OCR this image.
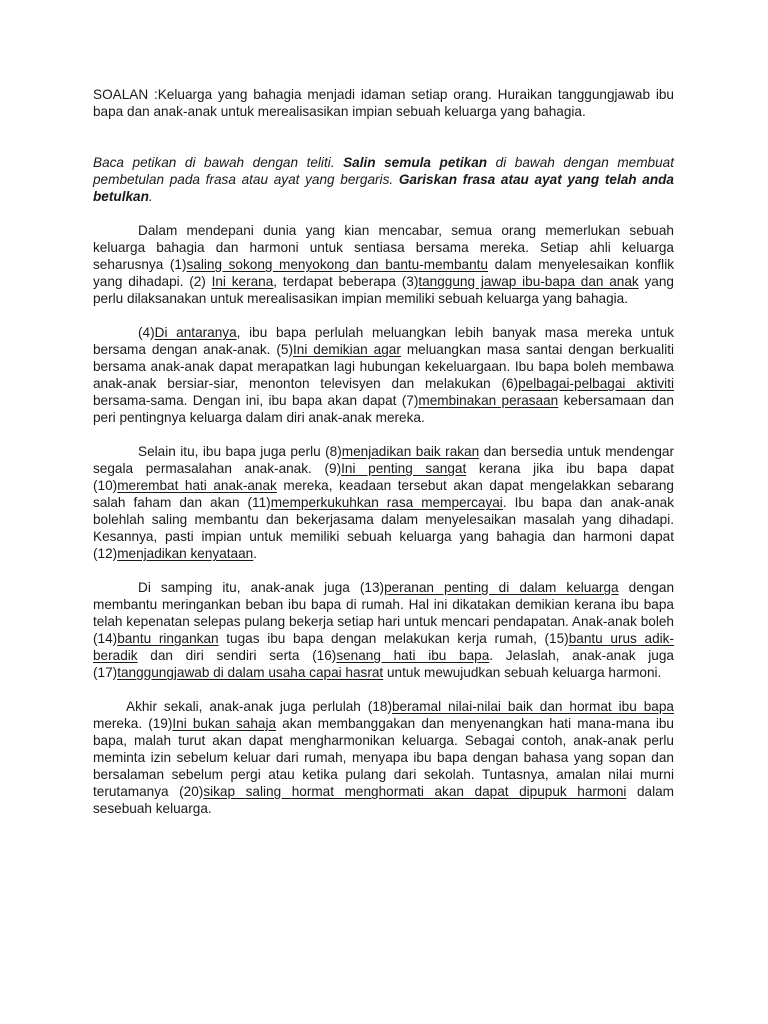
SOALAN :Keluarga yang bahagia menjadi idaman setiap orang. Huraikan tanggungjawab ibu bapa dan anak-anak untuk merealisasikan impian sebuah keluarga yang bahagia.

Baca petikan di bawah dengan teliti. Salin semula petikan di bawah dengan membuat pembetulan pada frasa atau ayat yang bergaris. Gariskan frasa atau ayat yang telah anda betulkan.

Dalam mendepani dunia yang kian mencabar, semua orang memerlukan sebuah keluarga bahagia dan harmoni untuk sentiasa bersama mereka. Setiap ahli keluarga seharusnya (1)saling sokong menyokong dan bantu-membantu dalam menyelesaikan konflik yang dihadapi. (2) Ini kerana, terdapat beberapa (3)tanggung jawap ibu-bapa dan anak yang perlu dilaksanakan untuk merealisasikan impian memiliki sebuah keluarga yang bahagia.

(4)Di antaranya, ibu bapa perlulah meluangkan lebih banyak masa mereka untuk bersama dengan anak-anak. (5)Ini demikian agar meluangkan masa santai dengan berkualiti bersama anak-anak dapat merapatkan lagi hubungan kekeluargaan. Ibu bapa boleh membawa anak-anak bersiar-siar, menonton televisyen dan melakukan (6)pelbagai-pelbagai aktiviti bersama-sama. Dengan ini, ibu bapa akan dapat (7)membinakan perasaan kebersamaan dan peri pentingnya keluarga dalam diri anak-anak mereka.

Selain itu, ibu bapa juga perlu (8)menjadikan baik rakan dan bersedia untuk mendengar segala permasalahan anak-anak. (9)Ini penting sangat kerana jika ibu bapa dapat (10)merembat hati anak-anak mereka, keadaan tersebut akan dapat mengelakkan sebarang salah faham dan akan (11)memperkukuhkan rasa mempercayai. Ibu bapa dan anak-anak bolehlah saling membantu dan bekerjasama dalam menyelesaikan masalah yang dihadapi. Kesannya, pasti impian untuk memiliki sebuah keluarga yang bahagia dan harmoni dapat (12)menjadikan kenyataan.

Di samping itu, anak-anak juga (13)peranan penting di dalam keluarga dengan membantu meringankan beban ibu bapa di rumah. Hal ini dikatakan demikian kerana ibu bapa telah kepenatan selepas pulang bekerja setiap hari untuk mencari pendapatan. Anak-anak boleh (14)bantu ringankan tugas ibu bapa dengan melakukan kerja rumah, (15)bantu urus adik-beradik dan diri sendiri serta (16)senang hati ibu bapa. Jelaslah, anak-anak juga (17)tanggungjawab di dalam usaha capai hasrat untuk mewujudkan sebuah keluarga harmoni.

Akhir sekali, anak-anak juga perlulah (18)beramal nilai-nilai baik dan hormat ibu bapa mereka. (19)Ini bukan sahaja akan membanggakan dan menyenangkan hati mana-mana ibu bapa, malah turut akan dapat mengharmonikan keluarga. Sebagai contoh, anak-anak perlu meminta izin sebelum keluar dari rumah, menyapa ibu bapa dengan bahasa yang sopan dan bersalaman sebelum pergi atau ketika pulang dari sekolah. Tuntasnya, amalan nilai murni terutamanya (20)sikap saling hormat menghormati akan dapat dipupuk harmoni dalam sesebuah keluarga.
